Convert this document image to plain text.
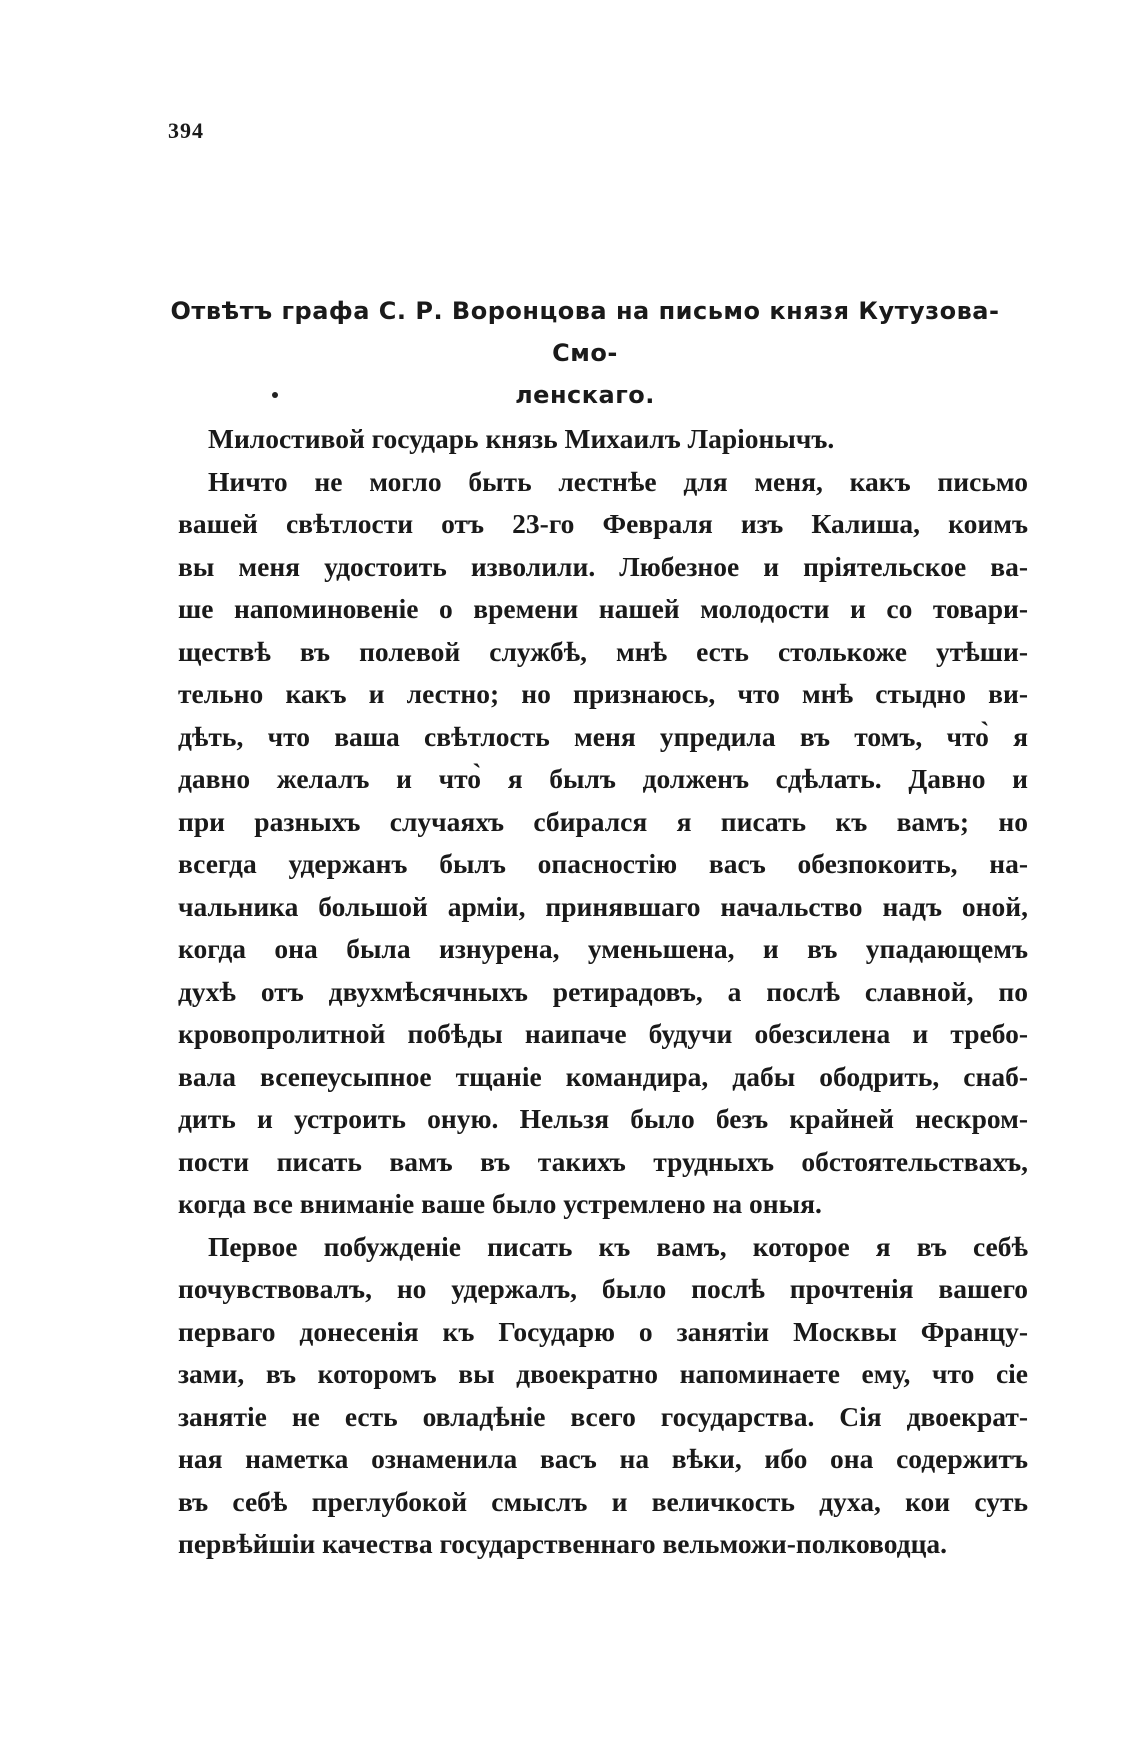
394
Отвѣтъ графа С. Р. Воронцова на письмо князя Кутузова-Смо-
ленскаго.
Милостивой государь князь Михаилъ Ларіонычъ.
Ничто не могло быть лестнѣе для меня, какъ письмо
вашей свѣтлости отъ 23-го Февраля изъ Калиша, коимъ
вы меня удостоить изволили. Любезное и пріятельское ва-
ше напоминовеніе о времени нашей молодости и со товари-
ществѣ въ полевой службѣ, мнѣ есть столькоже утѣши-
тельно какъ и лестно; но признаюсь, что мнѣ стыдно ви-
дѣть, что ваша свѣтлость меня упредила въ томъ, что̀ я
давно желалъ и что̀ я былъ долженъ сдѣлать. Давно и
при разныхъ случаяхъ сбирался я писать къ вамъ; но
всегда удержанъ былъ опасностію васъ обезпокоить, на-
чальника большой арміи, принявшаго начальство надъ оной,
когда она была изнурена, уменьшена, и въ упадающемъ
духѣ отъ двухмѣсячныхъ ретирадовъ, а послѣ славной, по
кровопролитной побѣды наипаче будучи обезсилена и требо-
вала всепеусыпное тщаніе командира, дабы ободрить, снаб-
дить и устроить оную. Нельзя было безъ крайней нескром-
пости писать вамъ въ такихъ трудныхъ обстоятельствахъ,
когда все вниманіе ваше было устремлено на оныя.
Первое побужденіе писать къ вамъ, которое я въ себѣ
почувствовалъ, но удержалъ, было послѣ прочтенія вашего
перваго донесенія къ Государю о занятіи Москвы Францу-
зами, въ которомъ вы двоекратно напоминаете ему, что сіе
занятіе не есть овладѣніе всего государства. Сія двоекрат-
ная наметка ознаменила васъ на вѣки, ибо она содержитъ
въ себѣ преглубокой смыслъ и величкость духа, кои суть
первѣйшіи качества государственнаго вельможи-полководца.
